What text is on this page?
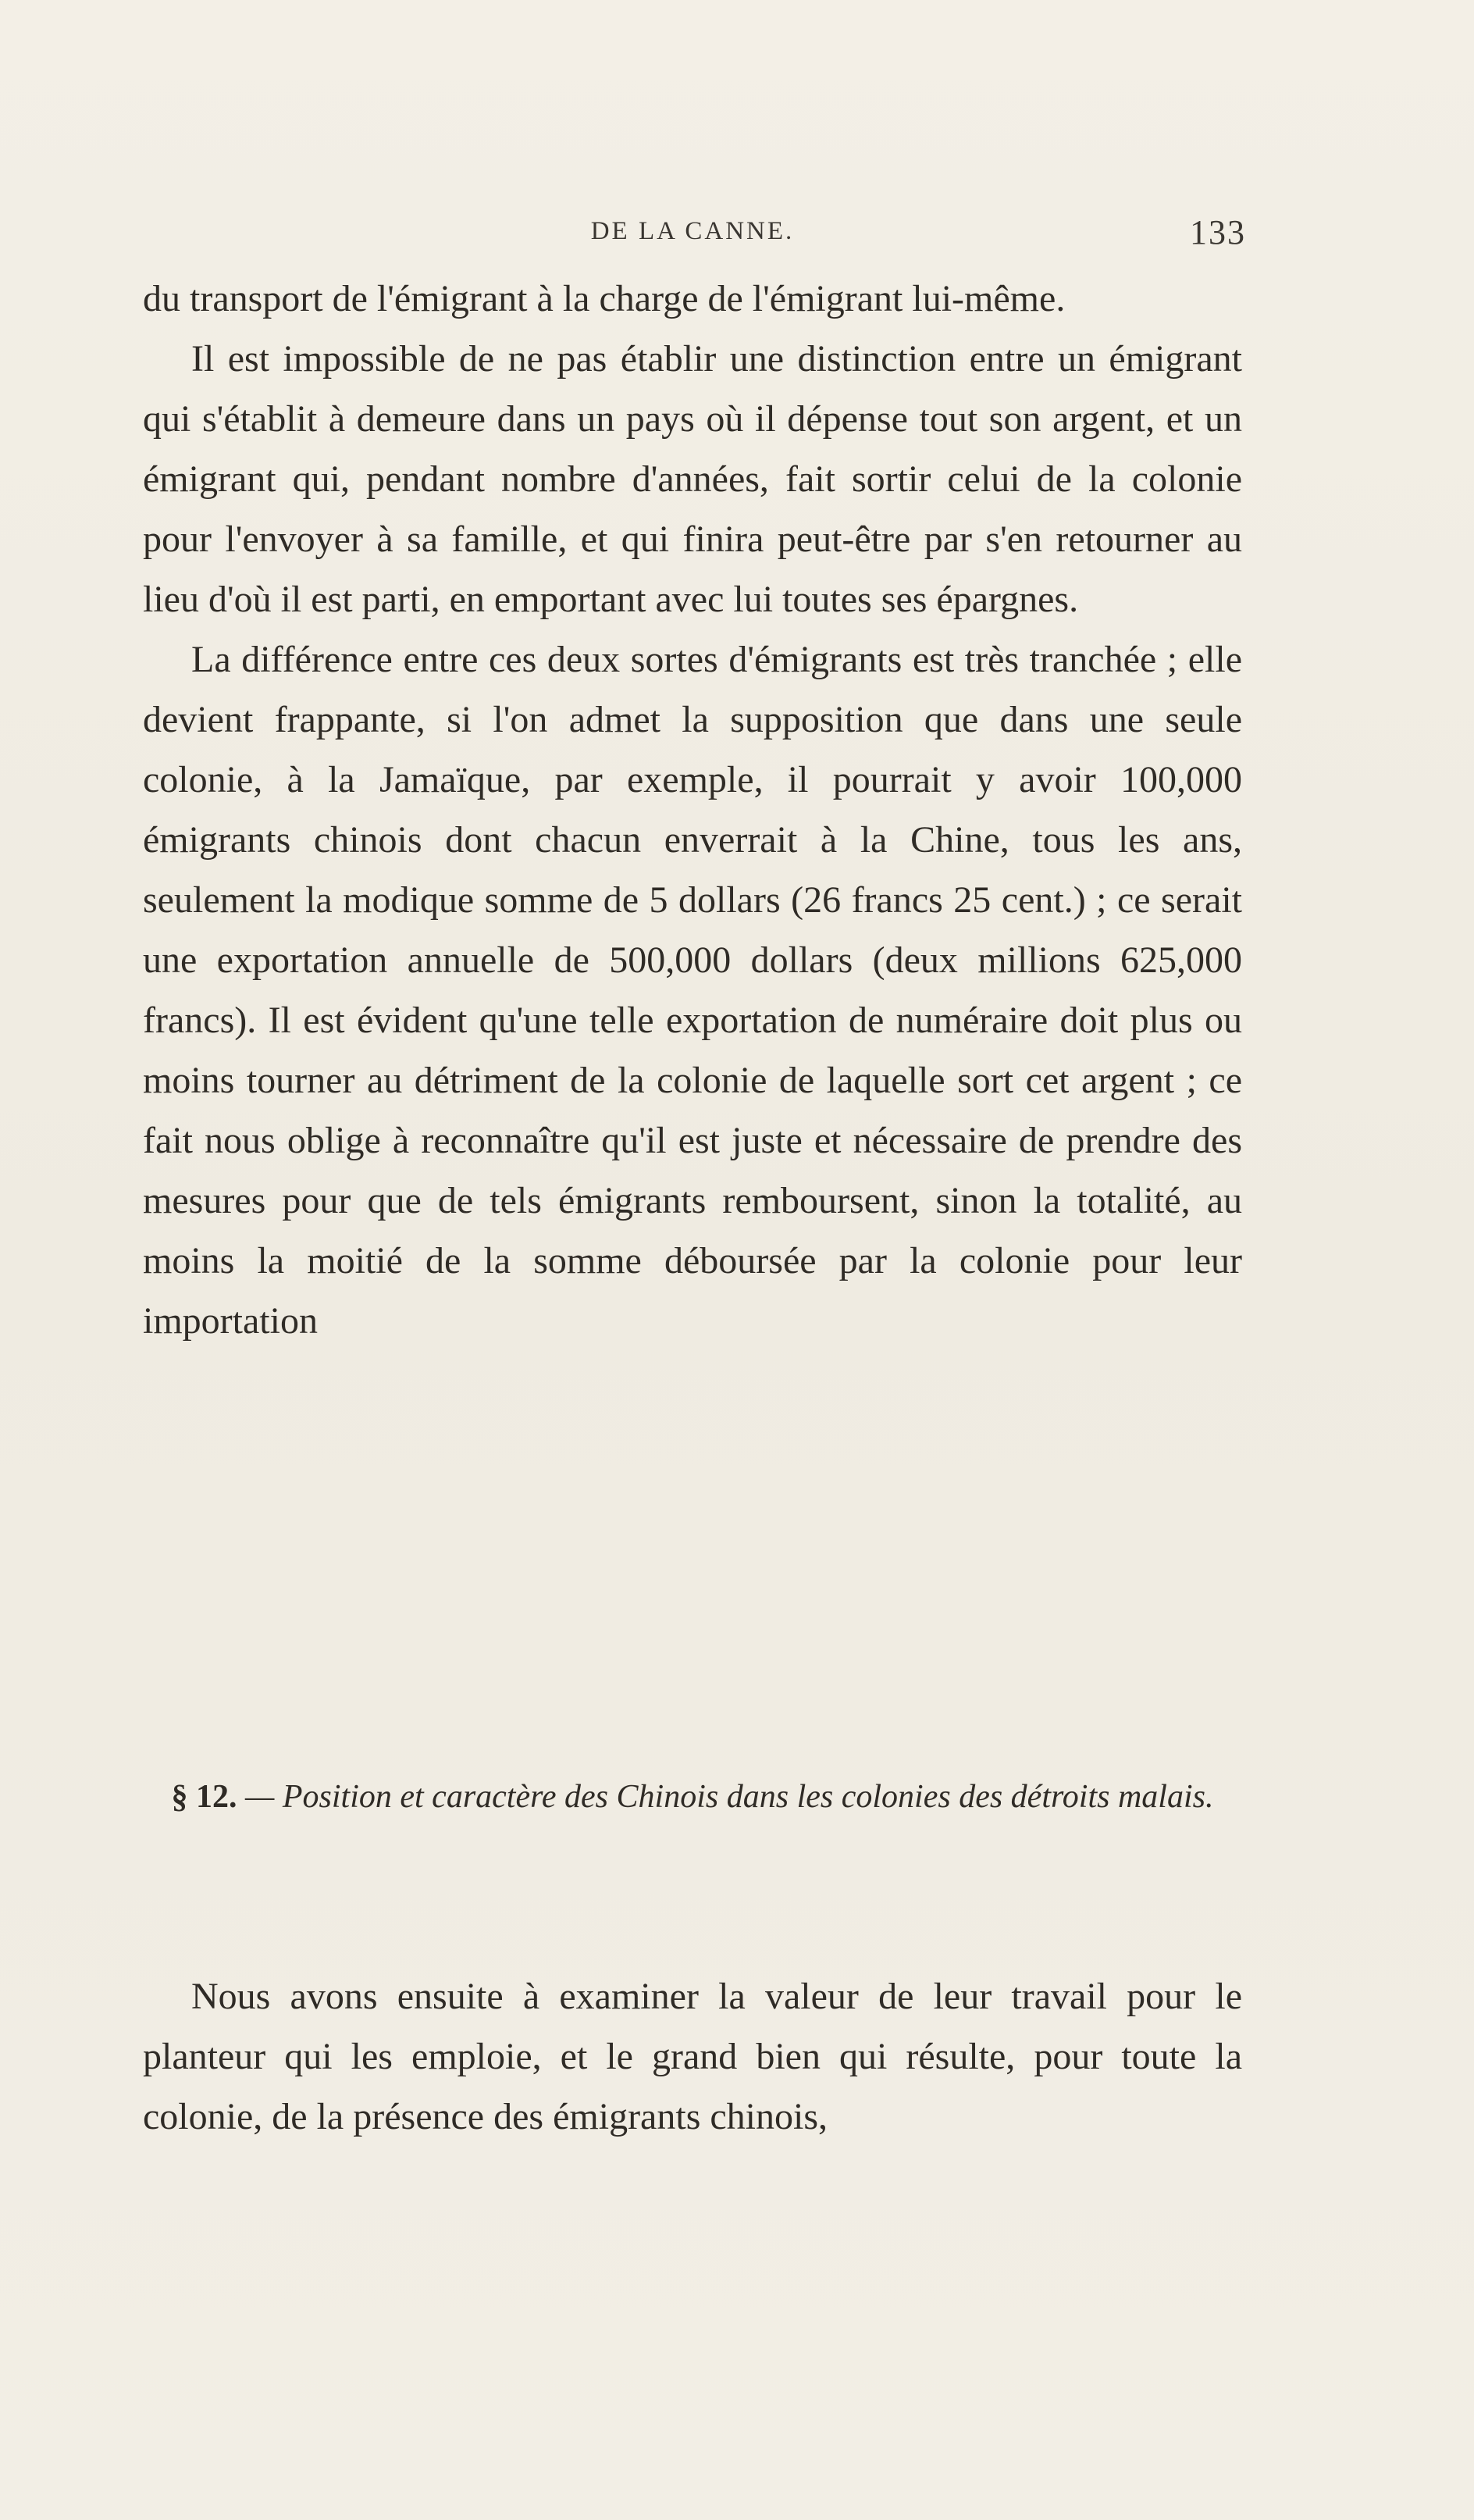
DE LA CANNE.	133

du transport de l'émigrant à la charge de l'émigrant lui-même.

Il est impossible de ne pas établir une distinction entre un émigrant qui s'établit à demeure dans un pays où il dépense tout son argent, et un émigrant qui, pendant nombre d'années, fait sortir celui de la colonie pour l'envoyer à sa famille, et qui finira peut-être par s'en retourner au lieu d'où il est parti, en emportant avec lui toutes ses épargnes.

La différence entre ces deux sortes d'émigrants est très tranchée ; elle devient frappante, si l'on admet la supposition que dans une seule colonie, à la Jamaïque, par exemple, il pourrait y avoir 100,000 émigrants chinois dont chacun enverrait à la Chine, tous les ans, seulement la modique somme de 5 dollars (26 francs 25 cent.) ; ce serait une exportation annuelle de 500,000 dollars (deux millions 625,000 francs). Il est évident qu'une telle exportation de numéraire doit plus ou moins tourner au détriment de la colonie de laquelle sort cet argent ; ce fait nous oblige à reconnaître qu'il est juste et nécessaire de prendre des mesures pour que de tels émigrants remboursent, sinon la totalité, au moins la moitié de la somme déboursée par la colonie pour leur importation

§ 12. — Position et caractère des Chinois dans les colonies des détroits malais.

Nous avons ensuite à examiner la valeur de leur travail pour le planteur qui les emploie, et le grand bien qui résulte, pour toute la colonie, de la présence des émigrants chinois,
